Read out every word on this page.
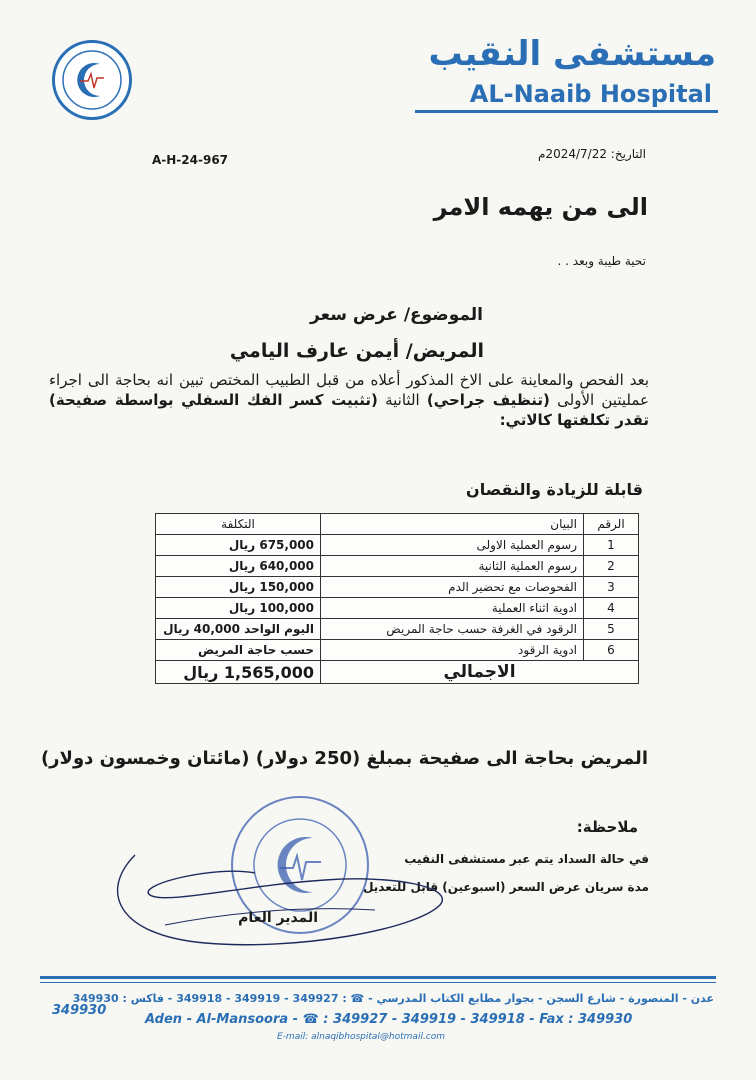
مستشفى النقيب
AL-Naaib Hospital
التاريخ: 2024/7/22م
A-H-24-967
الى من يهمه الامر
تحية طيبة وبعد . .
الموضوع/ عرض سعر
المريض/ أيمن عارف اليامي
بعد الفحص والمعاينة على الاخ المذكور أعلاه من قبل الطبيب المختص تبين انه بحاجة الى اجراء عمليتين الأولى (تنظيف جراحي) الثانية (تثبيت كسر الفك السفلي بواسطة صفيحة) تقدر تكلفتها كالاتي:
قابلة للزيادة والنقصان
الرقم	البيان	التكلفة
1	رسوم العملية الاولى	675,000 ريال
2	رسوم العملية الثانية	640,000 ريال
3	الفحوصات مع تحضير الدم	150,000 ريال
4	ادوية اثناء العملية	100,000 ريال
5	الرقود في الغرفة حسب حاجة المريض	اليوم الواحد 40,000 ريال
6	ادوية الرقود	حسب حاجة المريض
الاجمالي		1,565,000 ريال
المريض بحاجة الى صفيحة بمبلغ (250 دولار) (مائتان وخمسون دولار)
ملاحظة:
في حالة السداد يتم عبر مستشفى النقيب
مدة سريان عرض السعر (اسبوعين) قابل للتعديل
المدير العام
عدن - المنصورة - شارع السجن - بجوار مطابع الكتاب المدرسي - ☎ : 349927 - 349919 - 349918 - فاكس : 349930
349930
Aden - Al-Mansoora - ☎ : 349927 - 349919 - 349918 - Fax : 349930
E-mail: alnaqibhospital@hotmail.com
